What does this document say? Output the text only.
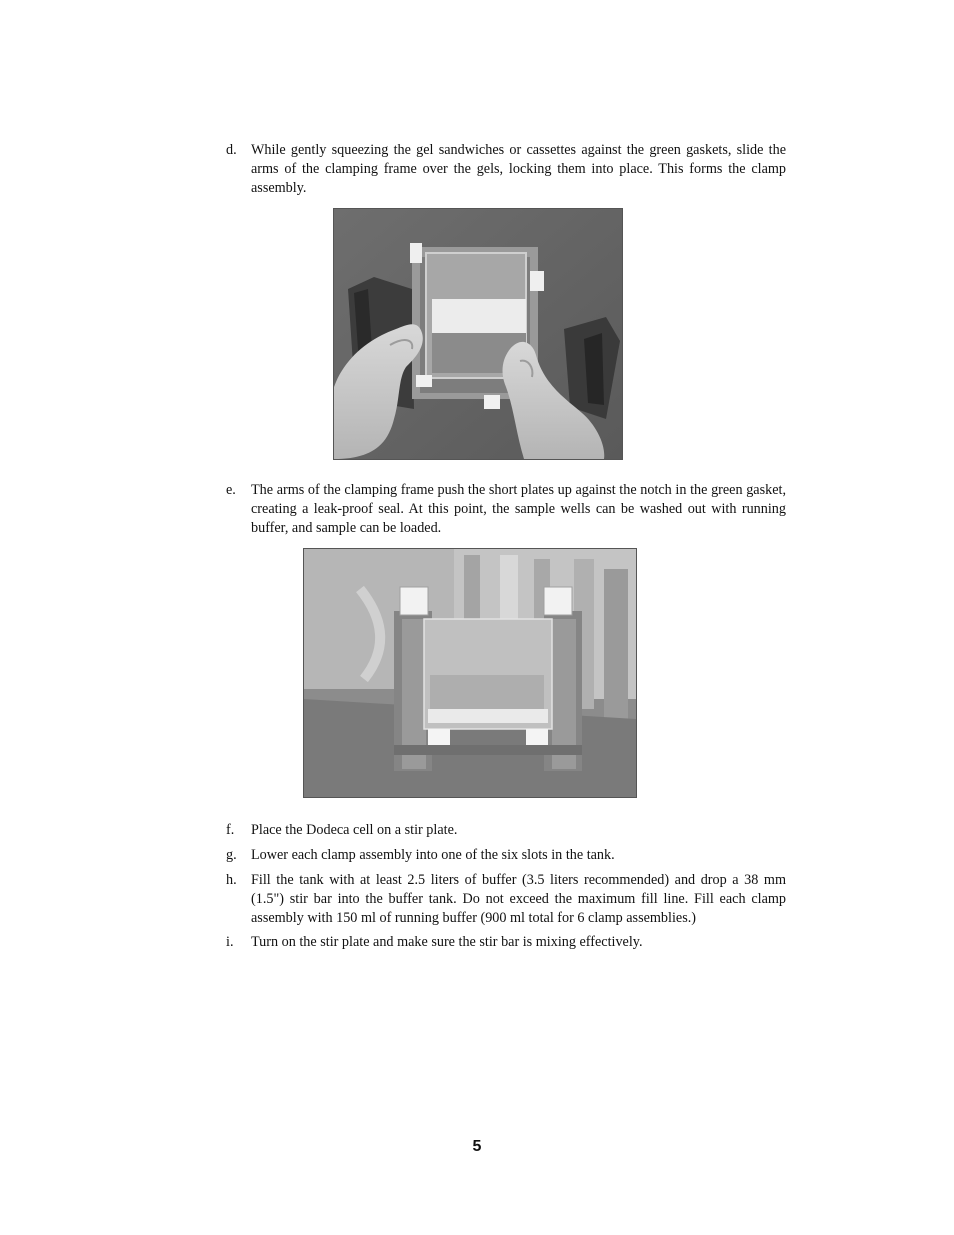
d. While gently squeezing the gel sandwiches or cassettes against the green gaskets, slide the arms of the clamping frame over the gels, locking them into place. This forms the clamp assembly.
e. The arms of the clamping frame push the short plates up against the notch in the green gasket, creating a leak-proof seal. At this point, the sample wells can be washed out with running buffer, and sample can be loaded.
f. Place the Dodeca cell on a stir plate.
g. Lower each clamp assembly into one of the six slots in the tank.
h. Fill the tank with at least 2.5 liters of buffer (3.5 liters recommended) and drop a 38 mm (1.5") stir bar into the buffer tank. Do not exceed the maximum fill line. Fill each clamp assembly with 150 ml of running buffer (900 ml total for 6 clamp assemblies.)
i. Turn on the stir plate and make sure the stir bar is mixing effectively.
5
